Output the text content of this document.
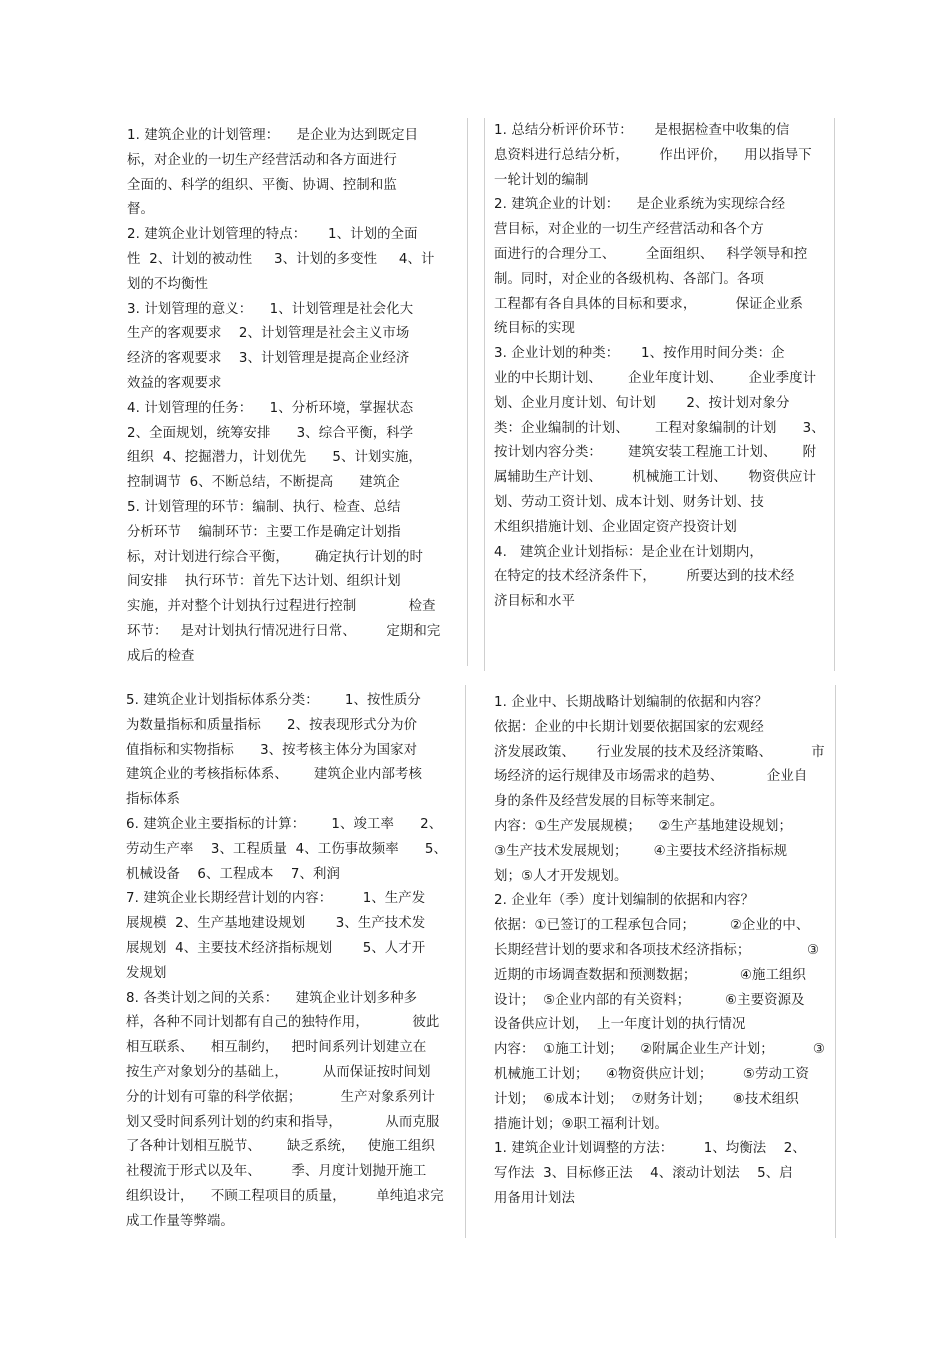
1. 建筑企业的计划管理：    是企业为达到既定目
标，对企业的一切生产经营活动和各方面进行
全面的、科学的组织、平衡、协调、控制和监
督。
2. 建筑企业计划管理的特点：     1、计划的全面
性  2、计划的被动性     3、计划的多变性     4、计
划的不均衡性
3. 计划管理的意义：    1、计划管理是社会化大
生产的客观要求    2、计划管理是社会主义市场
经济的客观要求    3、计划管理是提高企业经济
效益的客观要求
4. 计划管理的任务：    1、分析环境，掌握状态
2、全面规划，统筹安排      3、综合平衡，科学
组织  4、挖掘潜力，计划优先      5、计划实施，
控制调节  6、不断总结，不断提高      建筑企
5. 计划管理的环节：编制、执行、检查、总结
分析环节    编制环节：主要工作是确定计划指
标，对计划进行综合平衡，      确定执行计划的时
间安排    执行环节：首先下达计划、组织计划
实施，并对整个计划执行过程进行控制            检查
环节：   是对计划执行情况进行日常、       定期和完
成后的检查
1. 总结分析评价环节：     是根据检查中收集的信
息资料进行总结分析，       作出评价，    用以指导下
一轮计划的编制
2. 建筑企业的计划：    是企业系统为实现综合经
营目标，对企业的一切生产经营活动和各个方
面进行的合理分工、       全面组织、   科学领导和控
制。同时，对企业的各级机构、各部门。各项
工程都有各自具体的目标和要求，         保证企业系
统目标的实现
3. 企业计划的种类：     1、按作用时间分类：企
业的中长期计划、      企业年度计划、      企业季度计
划、企业月度计划、旬计划       2、按计划对象分
类：企业编制的计划、      工程对象编制的计划      3、
按计划内容分类：      建筑安装工程施工计划、      附
属辅助生产计划、       机械施工计划、     物资供应计
划、劳动工资计划、成本计划、财务计划、技
术组织措施计划、企业固定资产投资计划
4.   建筑企业计划指标：是企业在计划期内，
在特定的技术经济条件下，       所要达到的技术经
济目标和水平
5. 建筑企业计划指标体系分类：      1、按性质分
为数量指标和质量指标      2、按表现形式分为价
值指标和实物指标      3、按考核主体分为国家对
建筑企业的考核指标体系、      建筑企业内部考核
指标体系
6. 建筑企业主要指标的计算：      1、竣工率      2、
劳动生产率    3、工程质量  4、工伤事故频率      5、
机械设备    6、工程成本    7、利润
7. 建筑企业长期经营计划的内容：       1、生产发
展规模  2、生产基地建设规划       3、生产技术发
展规划  4、主要技术经济指标规划       5、人才开
发规划
8. 各类计划之间的关系：    建筑企业计划多种多
样，各种不同计划都有自己的独特作用，          彼此
相互联系、    相互制约，   把时间系列计划建立在
按生产对象划分的基础上，        从而保证按时间划
分的计划有可靠的科学依据；         生产对象系列计
划又受时间系列计划的约束和指导，          从而克服
了各种计划相互脱节、      缺乏系统，   使施工组织
社稷流于形式以及年、       季、月度计划抛开施工
组织设计，    不顾工程项目的质量，       单纯追求完
成工作量等弊端。
1. 企业中、长期战略计划编制的依据和内容？
依据：企业的中长期计划要依据国家的宏观经
济发展政策、     行业发展的技术及经济策略、         市
场经济的运行规律及市场需求的趋势、          企业自
身的条件及经营发展的目标等来制定。
内容：①生产发展规模；    ②生产基地建设规划；
③生产技术发展规划；      ④主要技术经济指标规
划；⑤人才开发规划。
2. 企业年（季）度计划编制的依据和内容？
依据：①已签订的工程承包合同；        ②企业的中、
长期经营计划的要求和各项技术经济指标；             ③
近期的市场调查数据和预测数据；          ④施工组织
设计；  ⑤企业内部的有关资料；        ⑥主要资源及
设备供应计划，  上一年度计划的执行情况
内容：  ①施工计划；    ②附属企业生产计划；         ③
机械施工计划；    ④物资供应计划；       ⑤劳动工资
计划；  ⑥成本计划；  ⑦财务计划；     ⑧技术组织
措施计划；⑨职工福利计划。
1. 建筑企业计划调整的方法：       1、均衡法    2、
写作法  3、目标修正法    4、滚动计划法    5、启
用备用计划法
